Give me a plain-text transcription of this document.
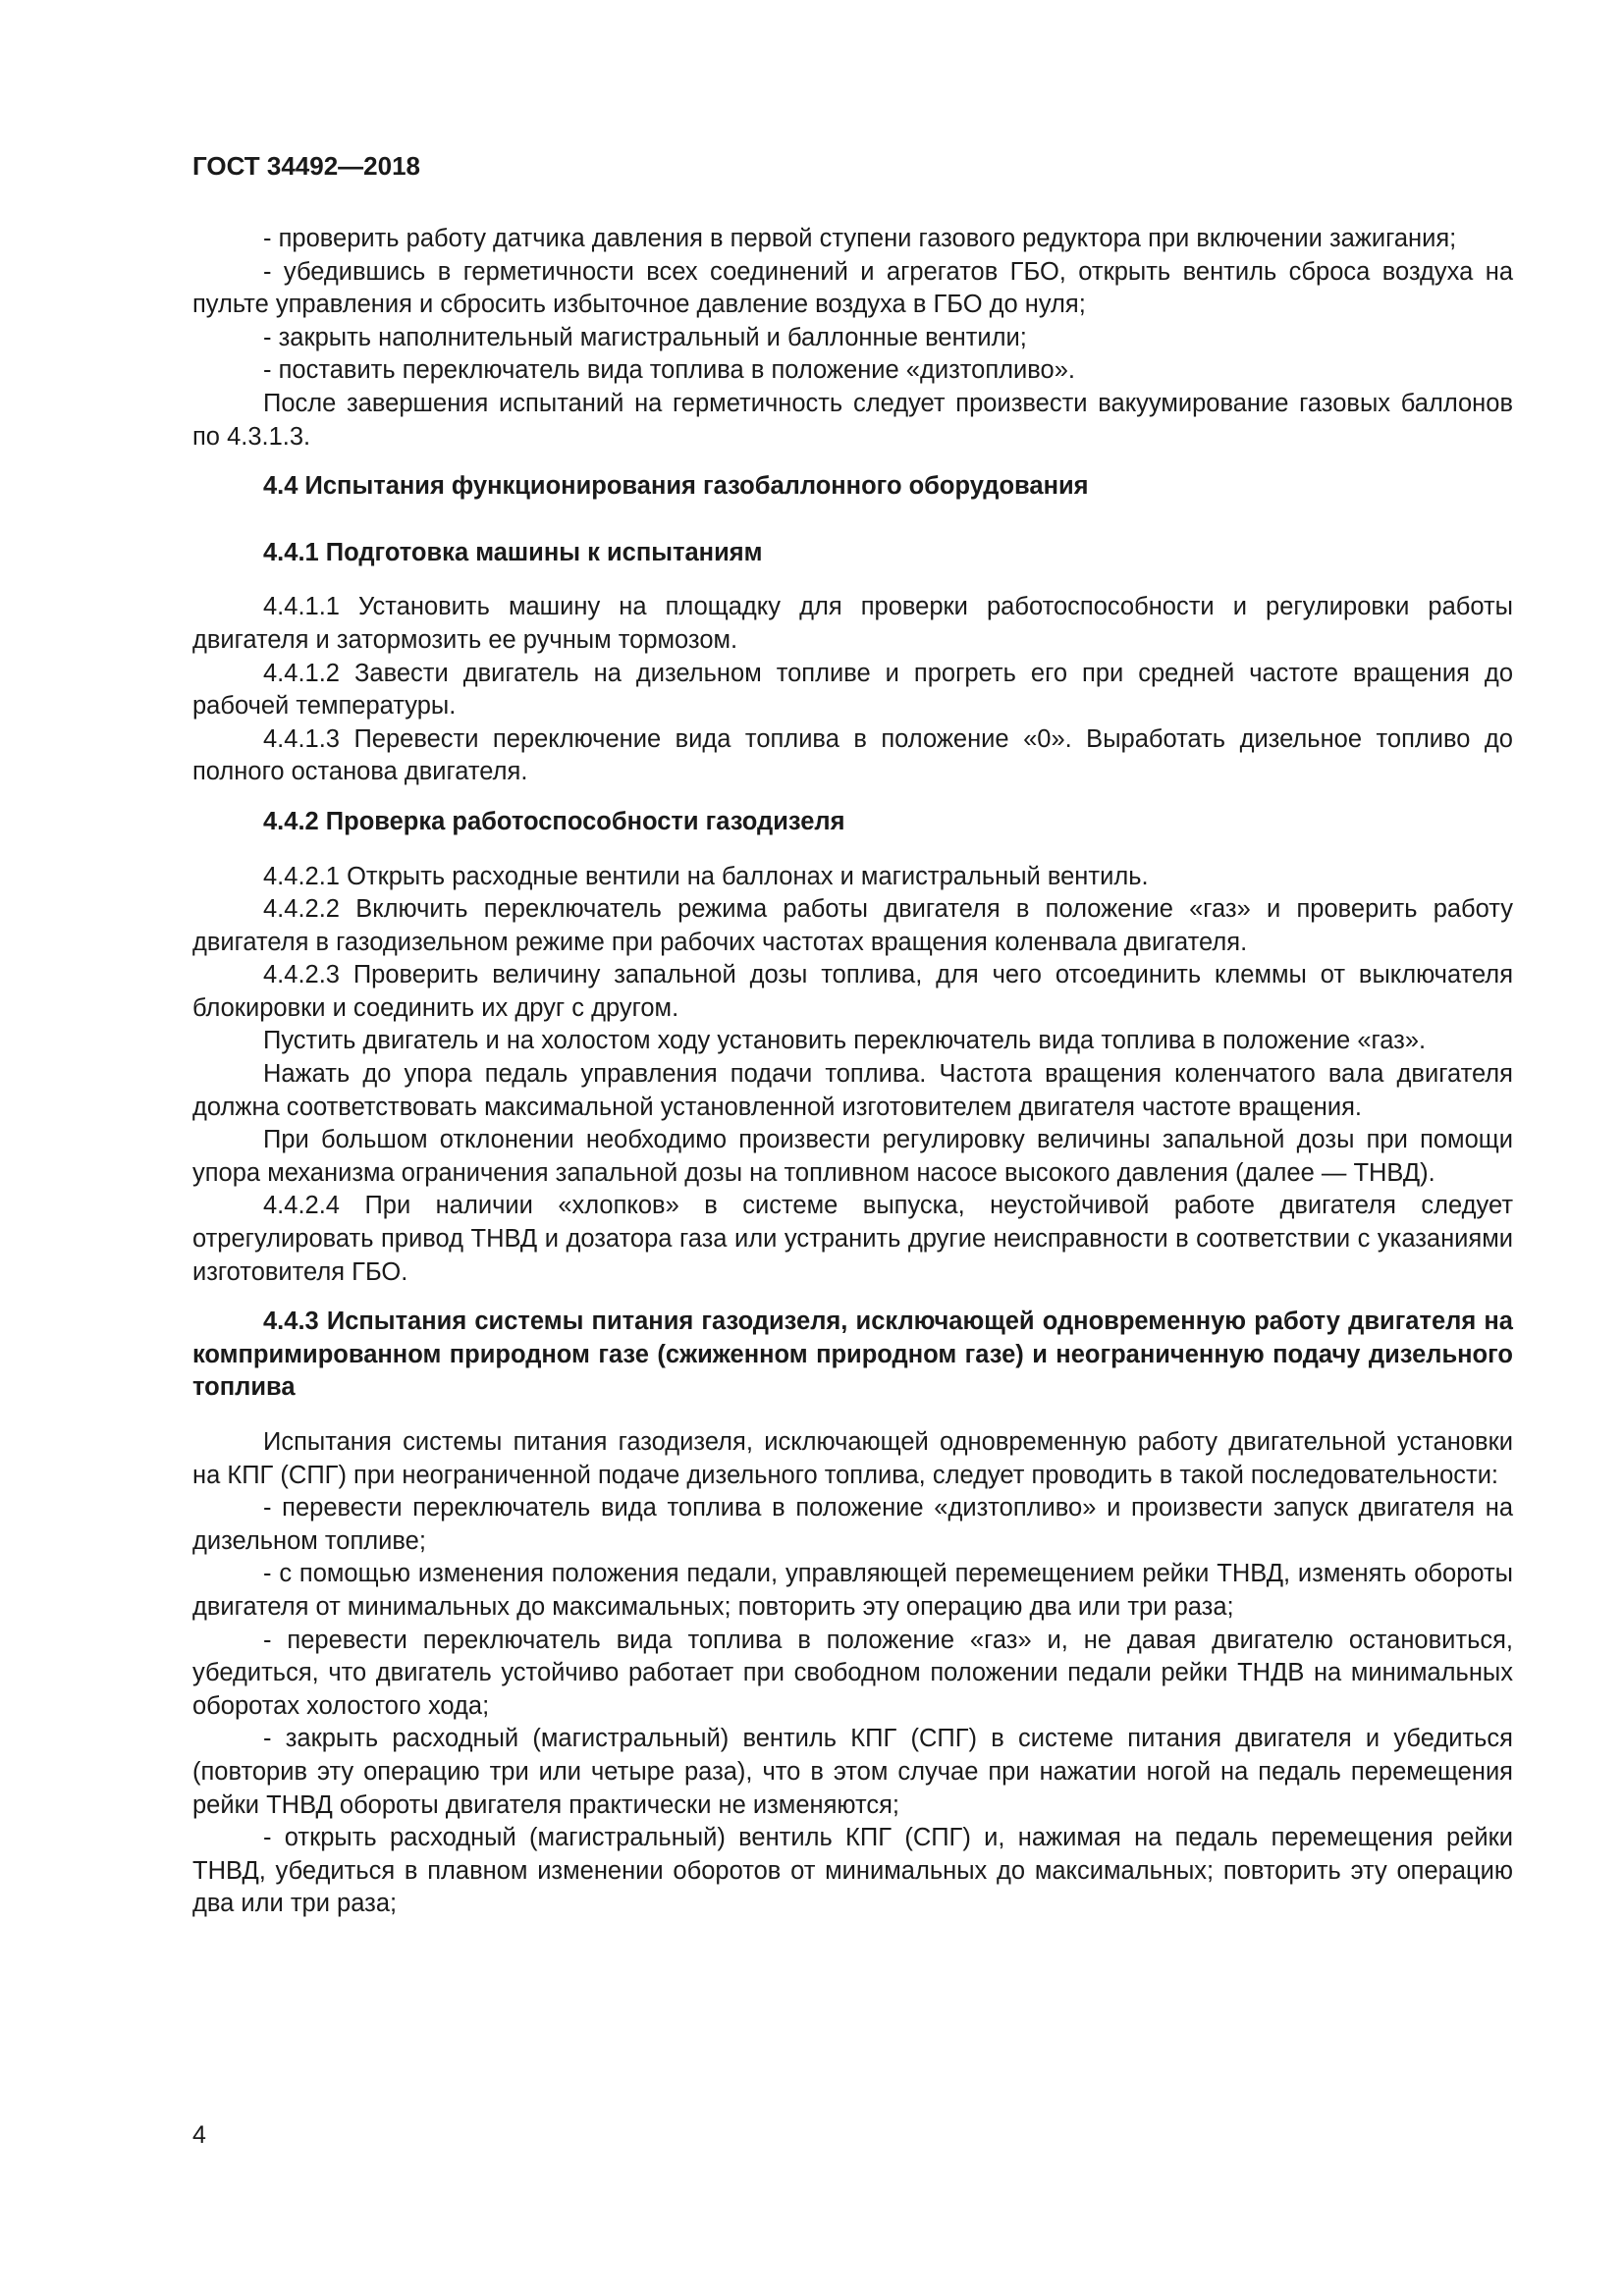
ГОСТ 34492—2018

- проверить работу датчика давления в первой ступени газового редуктора при включении зажигания;

- убедившись в герметичности всех соединений и агрегатов ГБО, открыть вентиль сброса воздуха на пульте управления и сбросить избыточное давление воздуха в ГБО до нуля;

- закрыть наполнительный магистральный и баллонные вентили;

- поставить переключатель вида топлива в положение «дизтопливо».

После завершения испытаний на герметичность следует произвести вакуумирование газовых баллонов по 4.3.1.3.

4.4 Испытания функционирования газобаллонного оборудования

4.4.1 Подготовка машины к испытаниям

4.4.1.1 Установить машину на площадку для проверки работоспособности и регулировки работы двигателя и затормозить ее ручным тормозом.

4.4.1.2 Завести двигатель на дизельном топливе и прогреть его при средней частоте вращения до рабочей температуры.

4.4.1.3 Перевести переключение вида топлива в положение «0». Выработать дизельное топливо до полного останова двигателя.

4.4.2 Проверка работоспособности газодизеля

4.4.2.1 Открыть расходные вентили на баллонах и магистральный вентиль.

4.4.2.2 Включить переключатель режима работы двигателя в положение «газ» и проверить работу двигателя в газодизельном режиме при рабочих частотах вращения коленвала двигателя.

4.4.2.3 Проверить величину запальной дозы топлива, для чего отсоединить клеммы от выключателя блокировки и соединить их друг с другом.

Пустить двигатель и на холостом ходу установить переключатель вида топлива в положение «газ».

Нажать до упора педаль управления подачи топлива. Частота вращения коленчатого вала двигателя должна соответствовать максимальной установленной изготовителем двигателя частоте вращения.

При большом отклонении необходимо произвести регулировку величины запальной дозы при помощи упора механизма ограничения запальной дозы на топливном насосе высокого давления (далее — ТНВД).

4.4.2.4 При наличии «хлопков» в системе выпуска, неустойчивой работе двигателя следует отрегулировать привод ТНВД и дозатора газа или устранить другие неисправности в соответствии с указаниями изготовителя ГБО.

4.4.3 Испытания системы питания газодизеля, исключающей одновременную работу двигателя на компримированном природном газе (сжиженном природном газе) и неограниченную подачу дизельного топлива

Испытания системы питания газодизеля, исключающей одновременную работу двигательной установки на КПГ (СПГ) при неограниченной подаче дизельного топлива, следует проводить в такой последовательности:

- перевести переключатель вида топлива в положение «дизтопливо» и произвести запуск двигателя на дизельном топливе;

- с помощью изменения положения педали, управляющей перемещением рейки ТНВД, изменять обороты двигателя от минимальных до максимальных; повторить эту операцию два или три раза;

- перевести переключатель вида топлива в положение «газ» и, не давая двигателю остановиться, убедиться, что двигатель устойчиво работает при свободном положении педали рейки ТНДВ на минимальных оборотах холостого хода;

- закрыть расходный (магистральный) вентиль КПГ (СПГ) в системе питания двигателя и убедиться (повторив эту операцию три или четыре раза), что в этом случае при нажатии ногой на педаль перемещения рейки ТНВД обороты двигателя практически не изменяются;

- открыть расходный (магистральный) вентиль КПГ (СПГ) и, нажимая на педаль перемещения рейки ТНВД, убедиться в плавном изменении оборотов от минимальных до максимальных; повторить эту операцию два или три раза;

4
